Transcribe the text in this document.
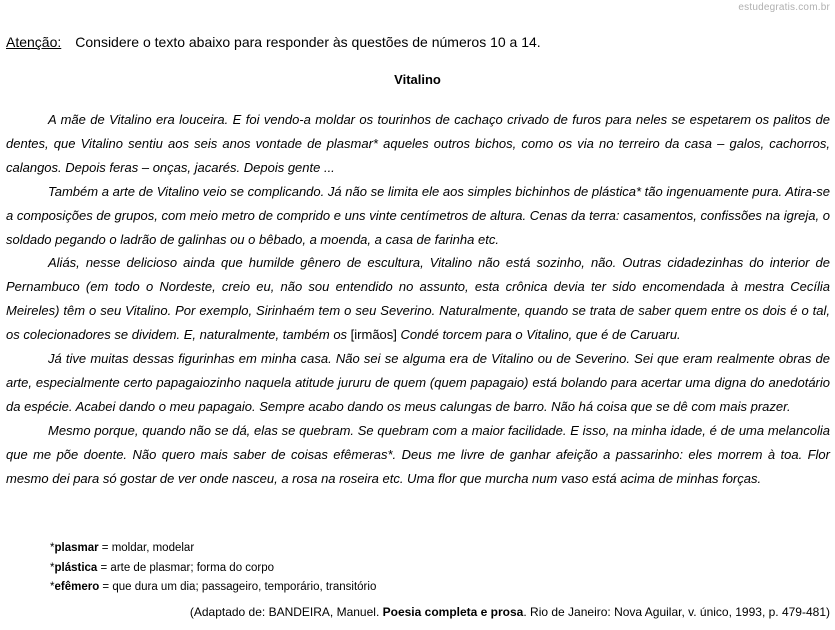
estudegratis.com.br
Atenção: Considere o texto abaixo para responder às questões de números 10 a 14.
Vitalino

A mãe de Vitalino era louceira. E foi vendo-a moldar os tourinhos de cachaço crivado de furos para neles se espetarem os palitos de dentes, que Vitalino sentiu aos seis anos vontade de plasmar* aqueles outros bichos, como os via no terreiro da casa – galos, cachorros, calangos. Depois feras – onças, jacarés. Depois gente ...

Também a arte de Vitalino veio se complicando. Já não se limita ele aos simples bichinhos de plástica* tão ingenuamente pura. Atira-se a composições de grupos, com meio metro de comprido e uns vinte centímetros de altura. Cenas da terra: casamentos, confissões na igreja, o soldado pegando o ladrão de galinhas ou o bêbado, a moenda, a casa de farinha etc.

Aliás, nesse delicioso ainda que humilde gênero de escultura, Vitalino não está sozinho, não. Outras cidadezinhas do interior de Pernambuco (em todo o Nordeste, creio eu, não sou entendido no assunto, esta crônica devia ter sido encomendada à mestra Cecília Meireles) têm o seu Vitalino. Por exemplo, Sirinhaém tem o seu Severino. Naturalmente, quando se trata de saber quem entre os dois é o tal, os colecionadores se dividem. E, naturalmente, também os [irmãos] Condé torcem para o Vitalino, que é de Caruaru.

Já tive muitas dessas figurinhas em minha casa. Não sei se alguma era de Vitalino ou de Severino. Sei que eram realmente obras de arte, especialmente certo papagaiozinho naquela atitude jururu de quem (quem papagaio) está bolando para acertar uma digna do anedotário da espécie. Acabei dando o meu papagaio. Sempre acabo dando os meus calungas de barro. Não há coisa que se dê com mais prazer.

Mesmo porque, quando não se dá, elas se quebram. Se quebram com a maior facilidade. E isso, na minha idade, é de uma melancolia que me põe doente. Não quero mais saber de coisas efêmeras*. Deus me livre de ganhar afeição a passarinho: eles morrem à toa. Flor mesmo dei para só gostar de ver onde nasceu, a rosa na roseira etc. Uma flor que murcha num vaso está acima de minhas forças.

*plasmar = moldar, modelar
*plástica = arte de plasmar; forma do corpo
*efêmero = que dura um dia; passageiro, temporário, transitório
(Adaptado de: BANDEIRA, Manuel. Poesia completa e prosa. Rio de Janeiro: Nova Aguilar, v. único, 1993, p. 479-481)
